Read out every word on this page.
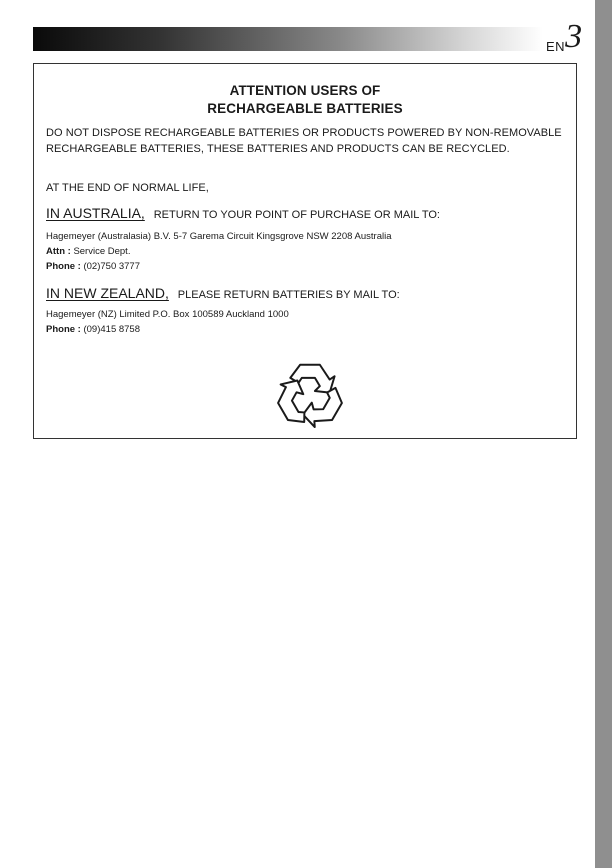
EN3
ATTENTION USERS OF
RECHARGEABLE BATTERIES
DO NOT DISPOSE RECHARGEABLE BATTERIES OR PRODUCTS POWERED BY NON-REMOVABLE RECHARGEABLE BATTERIES, THESE BATTERIES AND PRODUCTS CAN BE RECYCLED.
AT THE END OF NORMAL LIFE,
IN AUSTRALIA, RETURN TO YOUR POINT OF PURCHASE OR MAIL TO:
Hagemeyer (Australasia) B.V. 5-7 Garema Circuit Kingsgrove NSW 2208 Australia
Attn : Service Dept.
Phone : (02)750 3777
IN NEW ZEALAND, PLEASE RETURN BATTERIES BY MAIL TO:
Hagemeyer (NZ) Limited P.O. Box 100589 Auckland 1000
Phone : (09)415 8758
